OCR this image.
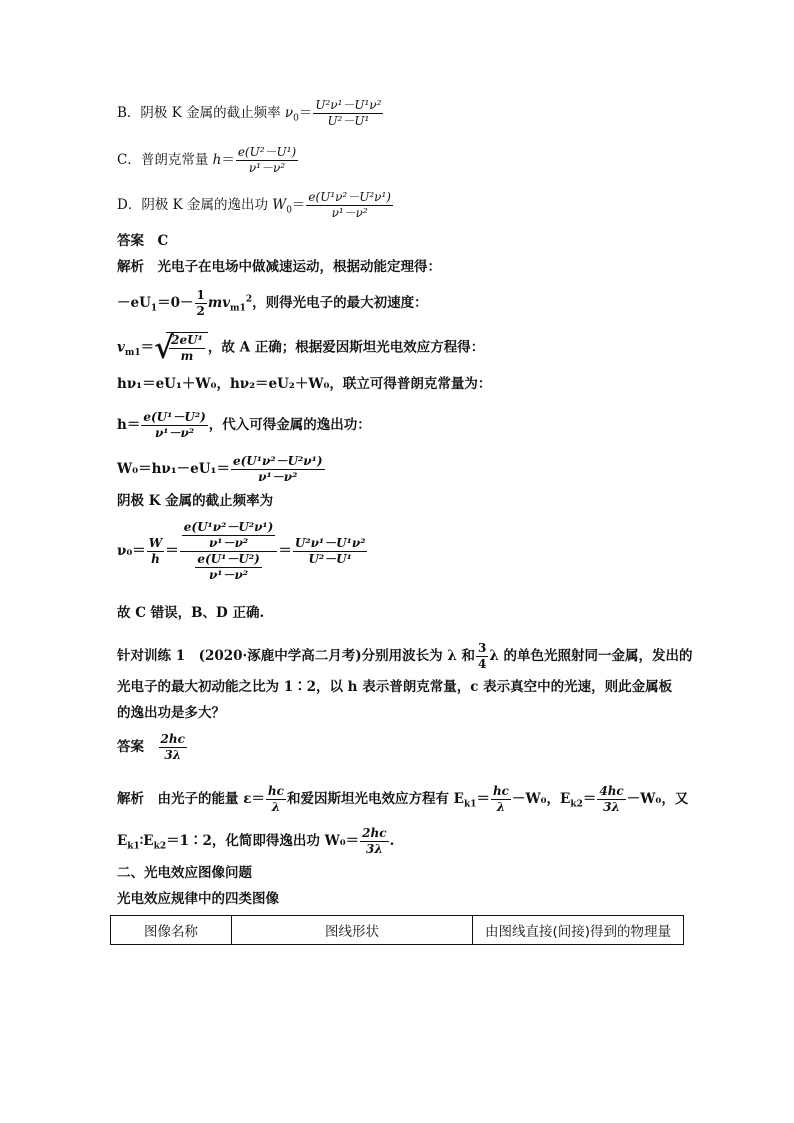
B．阴极 K 金属的截止频率 $\nu_0= \frac{\text{U²ν¹－U¹ν²}}{\text{U²－U¹}}$
C．普朗克常量 $h= \frac{\text{e(U²－U¹)}}{\text{ν¹－ν²}}$
D．阴极 K 金属的逸出功 $W_0= \frac{\text{e(U¹ν²－U²ν¹)}}{\text{ν¹－ν²}}$
答案　C
解析　光电子在电场中做减速运动，根据动能定理得：
$-eU_1=0- \frac{1}{2} mv_{m1}^2$，则得光电子的最大初速度：
$v_{m1}=$ √
$\frac{\text{2eU¹}}{m}$ ，故 A 正确；根据爱因斯坦光电效应方程得：
hν₁＝eU₁＋W₀，hν₂＝eU₂＋W₀，联立可得普朗克常量为：
$h= \frac{\text{e(U¹－U²)}}{\text{ν¹－ν²}}$ ，代入可得金属的逸出功：
$W_0=h\nu_1-eU_1= \frac{\text{e(U¹ν²－U²ν¹)}}{\text{ν¹－ν²}}$
阴极 K 金属的截止频率为
$\nu_0= \frac{W}{h} = \frac{\frac{\text{e(U¹ν²－U²ν¹)}}{\text{ν¹－ν²}}}{\frac{\text{e(U¹－U²)}}{\text{ν¹－ν²}}} = \frac{\text{U²ν¹－U¹ν²}}{\text{U²－U¹}}$
故 C 错误，B、D 正确.
针对训练 1　(2020·涿鹿中学高二月考)分别用波长为 λ 和 $\frac{3}{4}$ λ 的单色光照射同一金属，发出的
光电子的最大初动能之比为 1∶2，以 h 表示普朗克常量，c 表示真空中的光速，则此金属板
的逸出功是多大？
答案　 $\frac{2hc}{3\lambda}$
解析　由光子的能量 $\varepsilon= \frac{hc}{\lambda}$ 和爱因斯坦光电效应方程有 $E_{k1}= \frac{hc}{\lambda} -W_0$，$E_{k2}= \frac{4hc}{3\lambda} -W_0$，又
$E_{k1}∶E_{k2}=1∶2$，化简即得逸出功 $W_0= \frac{2hc}{3\lambda}$ .
二、光电效应图像问题
光电效应规律中的四类图像
图像名称	图线形状	由图线直接(间接)得到的物理量
